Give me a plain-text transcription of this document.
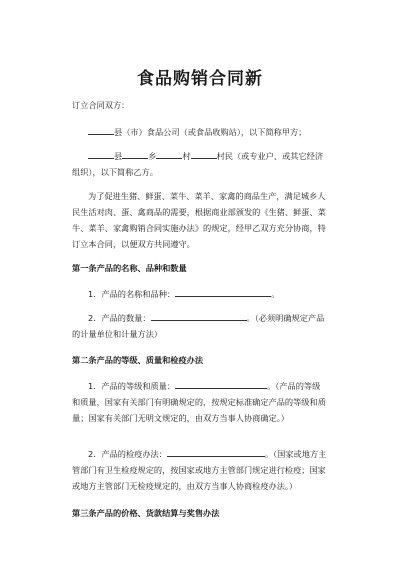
食品购销合同新

订立合同双方：

县（市）食品公司（或食品收购站），以下简称甲方；

县	乡	村	村民（或专业户、或其它经济组织），以下简称乙方。

为了促进生猪、鲜蛋、菜牛、菜羊、家禽的商品生产，满足城乡人民生活对肉、蛋、禽商品的需要，根据商业部颁发的《生猪、鲜蛋、菜牛、菜羊、家禽购销合同实施办法》的规定，经甲乙双方充分协商，特订立本合同，以便双方共同遵守。

第一条产品的名称、品种和数量

1．产品的名称和品种：	。

2．产品的数量：	。（必须明确规定产品的计量单位和计量方法）

第二条产品的等级、质量和检疫办法

1．产品的等级和质量：	。（产品的等级和质量，国家有关部门有明确规定的，按规定标准确定产品的等级和质量；国家有关部门无明文规定的，由双方当事人协商确定。）

2．产品的检疫办法：	。（国家或地方主管部门有卫生检疫规定的，按国家或地方主管部门规定进行检疫；国家或地方主管部门无检疫规定的，由双方当事人协商检疫办法。）

第三条产品的价格、货款结算与奖售办法
